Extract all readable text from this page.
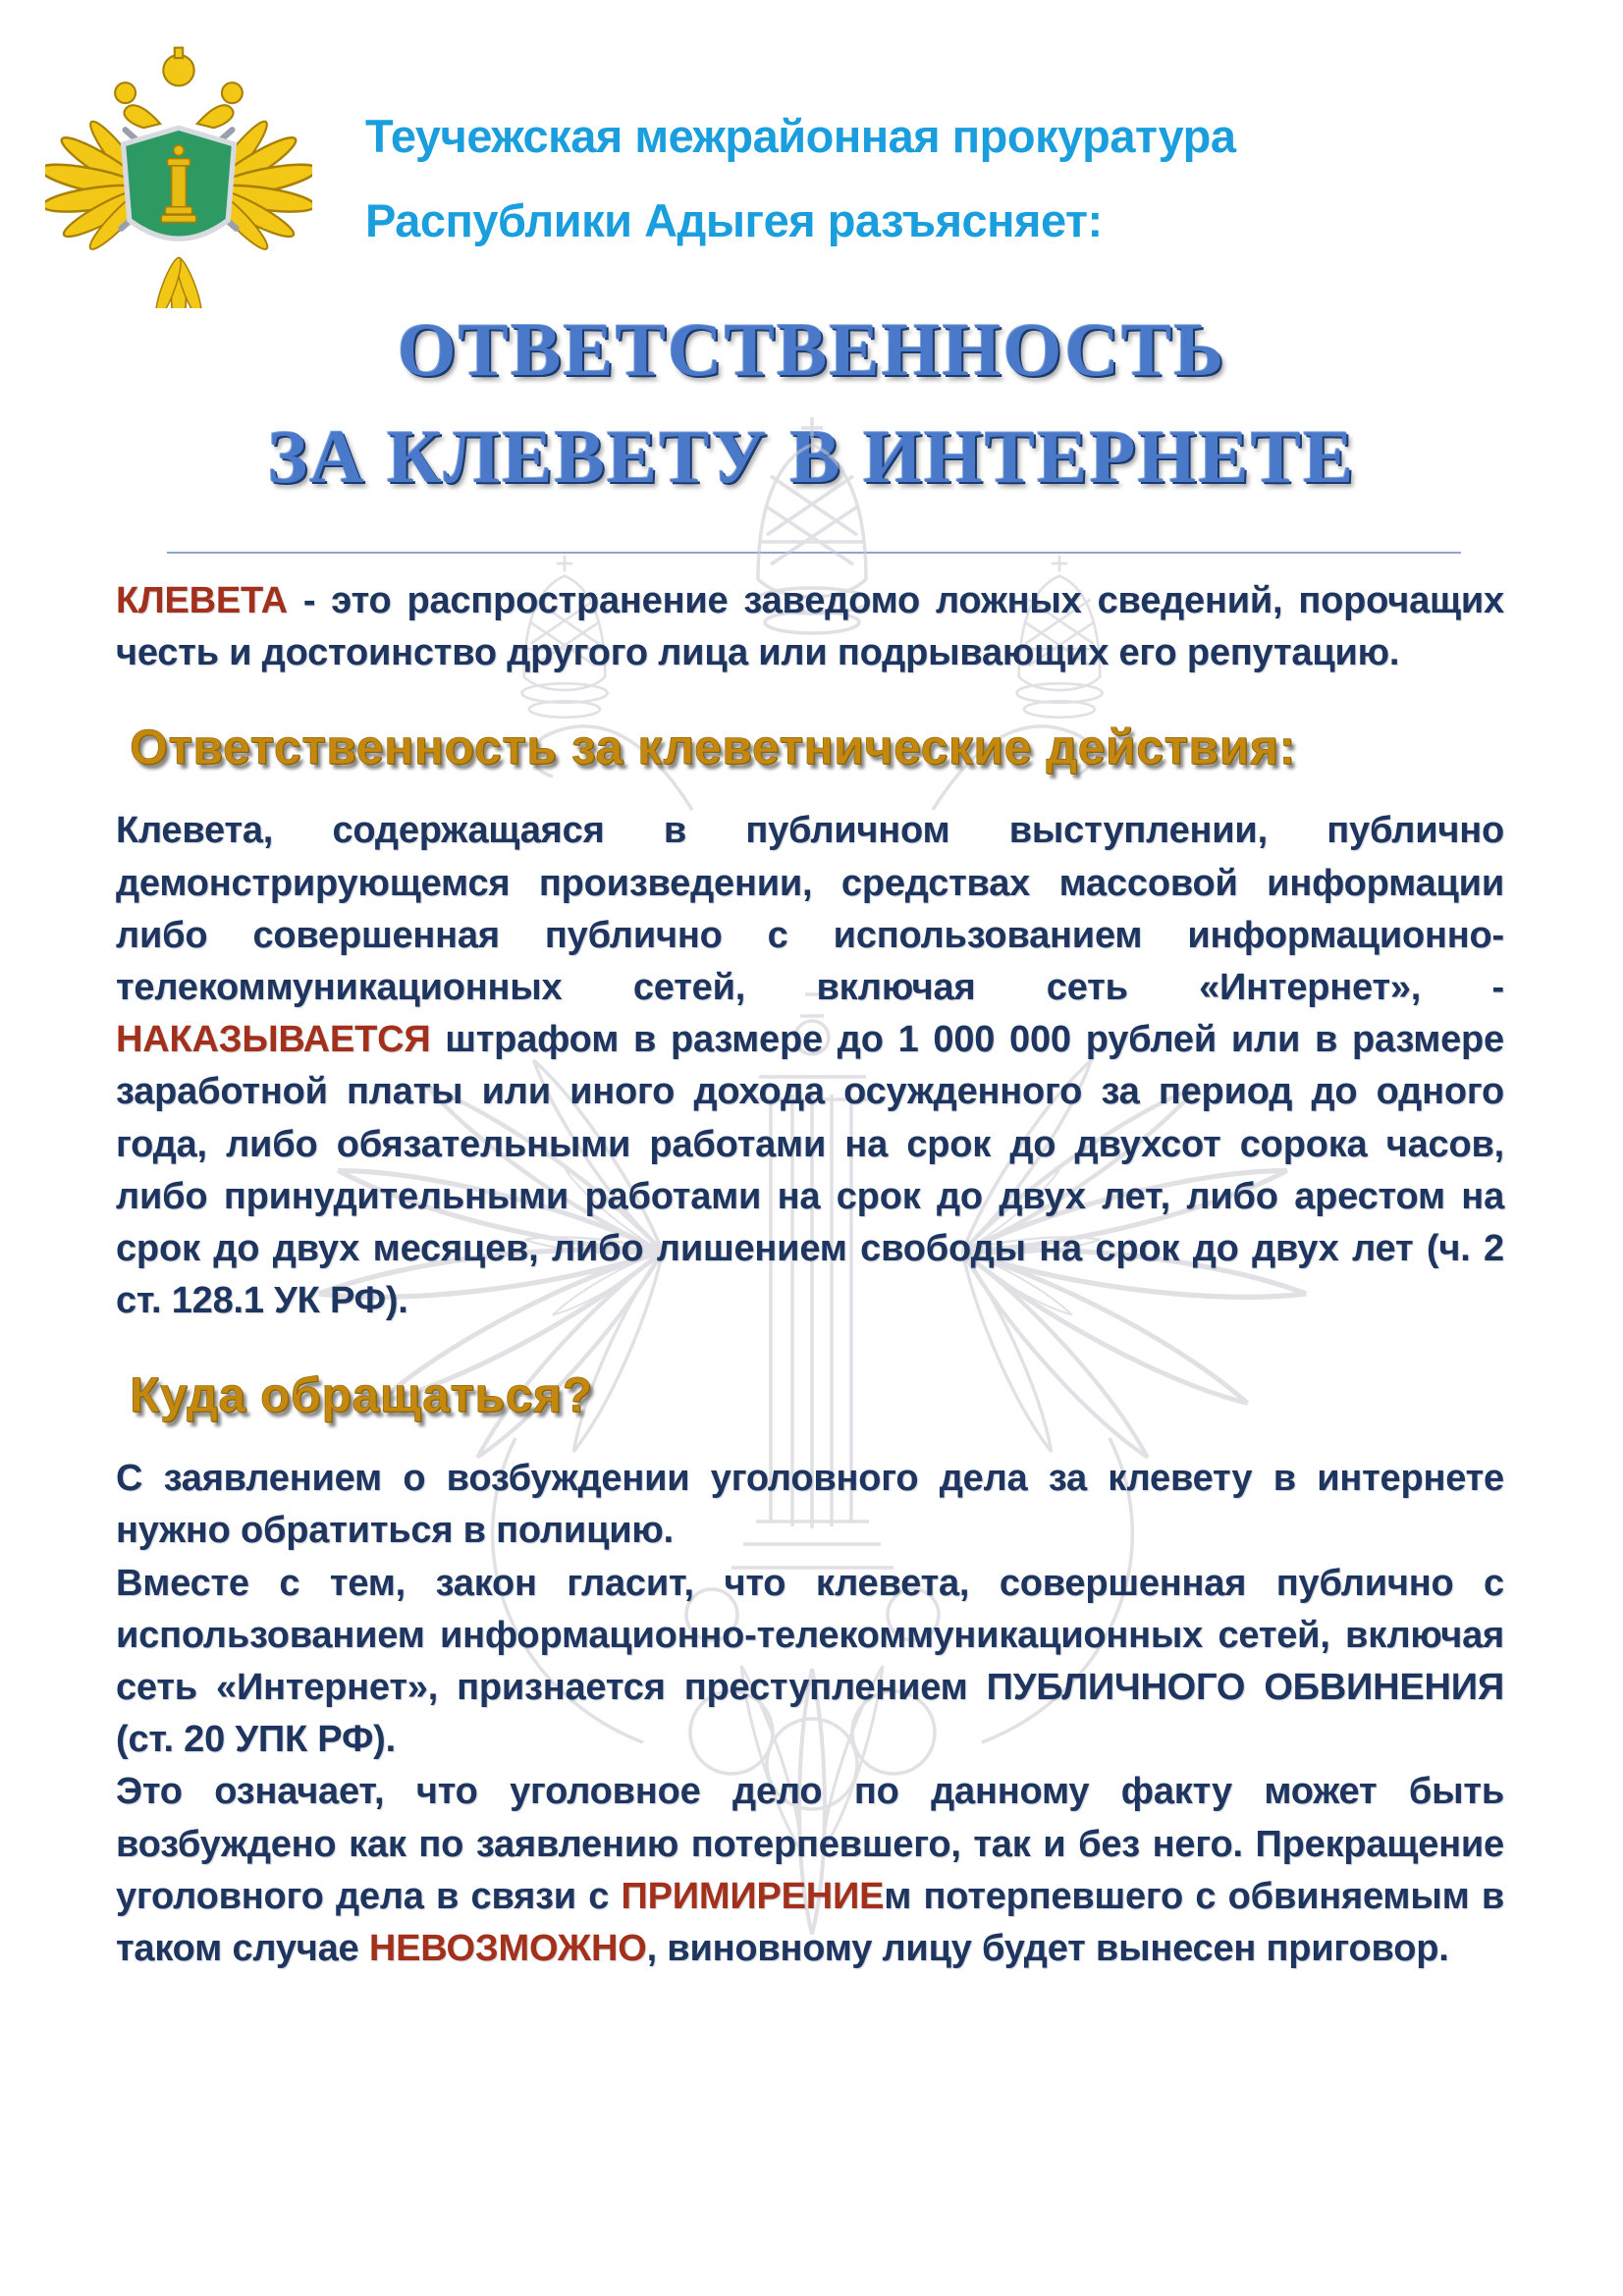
Теучежская межрайонная прокуратура
Распублики Адыгея разъясняет:
ОТВЕТСТВЕННОСТЬ
ЗА КЛЕВЕТУ В ИНТЕРНЕТЕ

КЛЕВЕТА - это распространение заведомо ложных сведений, порочащих честь и достоинство другого лица или подрывающих его репутацию.

Ответственность за клеветнические действия:

Клевета, содержащаяся в публичном выступлении, публично демонстрирующемся произведении, средствах массовой информации либо совершенная публично с использованием информационно- телекоммуникационных сетей, включая сеть «Интернет», - НАКАЗЫВАЕТСЯ штрафом в размере до 1 000 000 рублей или в размере заработной платы или иного дохода осужденного за период до одного года, либо обязательными работами на срок до двухсот сорока часов, либо принудительными работами на срок до двух лет, либо арестом на срок до двух месяцев, либо лишением свободы на срок до двух лет (ч. 2 ст. 128.1 УК РФ).

Куда обращаться?

С заявлением о возбуждении уголовного дела за клевету в интернете нужно обратиться в полицию.

Вместе с тем, закон гласит, что клевета, совершенная публично с использованием информационно-телекоммуникационных сетей, включая сеть «Интернет», признается преступлением ПУБЛИЧНОГО ОБВИНЕНИЯ (ст. 20 УПК РФ).

Это означает, что уголовное дело по данному факту может быть возбуждено как по заявлению потерпевшего, так и без него. Прекращение уголовного дела в связи с ПРИМИРЕНИЕм потерпевшего с обвиняемым в таком случае НЕВОЗМОЖНО, виновному лицу будет вынесен приговор.
